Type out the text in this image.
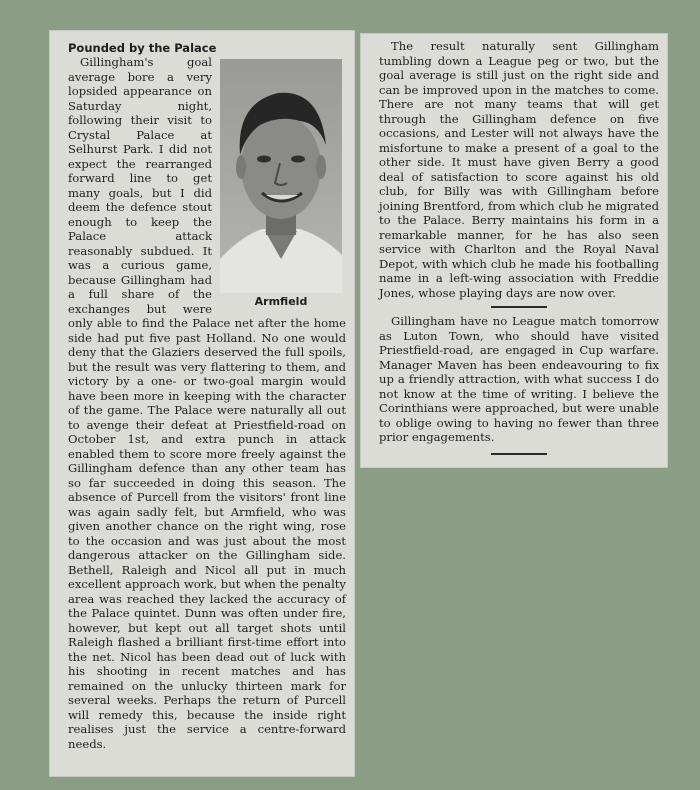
Pounded by the Palace
Armfield

Gillingham's goal average bore a very lopsided appearance on Saturday night, following their visit to Crystal Palace at Selhurst Park. I did not expect the rearranged forward line to get many goals, but I did deem the defence stout enough to keep the Palace attack reasonably subdued. It was a curious game, because Gillingham had a full share of the exchanges but were only able to find the Palace net after the home side had put five past Holland. No one would deny that the Glaziers deserved the full spoils, but the result was very flattering to them, and victory by a one- or two-goal margin would have been more in keeping with the character of the game. The Palace were naturally all out to avenge their defeat at Priestfield-road on October 1st, and extra punch in attack enabled them to score more freely against the Gillingham defence than any other team has so far succeeded in doing this season. The absence of Purcell from the visitors' front line was again sadly felt, but Armfield, who was given another chance on the right wing, rose to the occasion and was just about the most dangerous attacker on the Gillingham side. Bethell, Raleigh and Nicol all put in much excellent approach work, but when the penalty area was reached they lacked the accuracy of the Palace quintet. Dunn was often under fire, however, but kept out all target shots until Raleigh flashed a brilliant first-time effort into the net. Nicol has been dead out of luck with his shooting in recent matches and has remained on the unlucky thirteen mark for several weeks. Perhaps the return of Purcell will remedy this, because the inside right realises just the service a centre-forward needs.

The result naturally sent Gillingham tumbling down a League peg or two, but the goal average is still just on the right side and can be improved upon in the matches to come. There are not many teams that will get through the Gillingham defence on five occasions, and Lester will not always have the misfortune to make a present of a goal to the other side. It must have given Berry a good deal of satisfaction to score against his old club, for Billy was with Gillingham before joining Brentford, from which club he migrated to the Palace. Berry maintains his form in a remarkable manner, for he has also seen service with Charlton and the Royal Naval Depot, with which club he made his footballing name in a left-wing association with Freddie Jones, whose playing days are now over.

Gillingham have no League match tomorrow as Luton Town, who should have visited Priestfield-road, are engaged in Cup warfare. Manager Maven has been endeavouring to fix up a friendly attraction, with what success I do not know at the time of writing. I believe the Corinthians were approached, but were unable to oblige owing to having no fewer than three prior engagements.
